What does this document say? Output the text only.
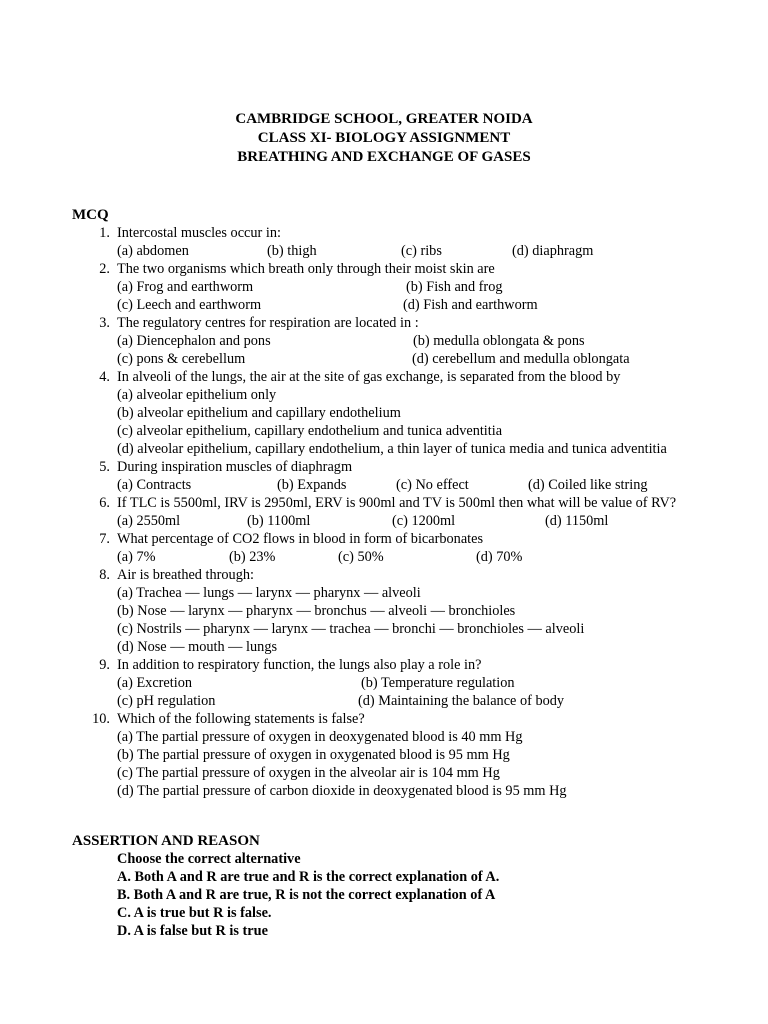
CAMBRIDGE SCHOOL, GREATER NOIDA
CLASS XI- BIOLOGY ASSIGNMENT
BREATHING AND EXCHANGE OF GASES
MCQ
1. Intercostal muscles occur in:
(a) abdomen	(b) thigh	(c) ribs	(d) diaphragm
2. The two organisms which breath only through their moist skin are
(a) Frog and earthworm	(b) Fish and frog
(c) Leech and earthworm	(d) Fish and earthworm
3. The regulatory centres for respiration are located in :
(a) Diencephalon and pons	(b) medulla oblongata & pons
(c) pons & cerebellum	(d) cerebellum and medulla oblongata
4. In alveoli of the lungs, the air at the site of gas exchange, is separated from the blood by
(a) alveolar epithelium only
(b) alveolar epithelium and capillary endothelium
(c) alveolar epithelium, capillary endothelium and tunica adventitia
(d) alveolar epithelium, capillary endothelium, a thin layer of tunica media and tunica adventitia
5. During inspiration muscles of diaphragm
(a) Contracts	(b) Expands	(c) No effect	(d) Coiled like string
6. If TLC is 5500ml, IRV is 2950ml, ERV is 900ml and TV is 500ml then what will be value of RV?
(a) 2550ml	(b) 1100ml	(c) 1200ml	(d) 1150ml
7. What percentage of CO2 flows in blood in form of bicarbonates
(a) 7%	(b) 23%	(c) 50%	(d) 70%
8. Air is breathed through:
(a) Trachea — lungs — larynx — pharynx — alveoli
(b) Nose — larynx — pharynx — bronchus — alveoli — bronchioles
(c) Nostrils — pharynx — larynx — trachea — bronchi — bronchioles — alveoli
(d) Nose — mouth — lungs
9. In addition to respiratory function, the lungs also play a role in?
(a) Excretion	(b) Temperature regulation
(c) pH regulation	(d) Maintaining the balance of body
10. Which of the following statements is false?
(a) The partial pressure of oxygen in deoxygenated blood is 40 mm Hg
(b) The partial pressure of oxygen in oxygenated blood is 95 mm Hg
(c) The partial pressure of oxygen in the alveolar air is 104 mm Hg
(d) The partial pressure of carbon dioxide in deoxygenated blood is 95 mm Hg
ASSERTION AND REASON
Choose the correct alternative
A. Both A and R are true and R is the correct explanation of A.
B. Both A and R are true, R is not the correct explanation of A
C. A is true but R is false.
D. A is false but R is true
